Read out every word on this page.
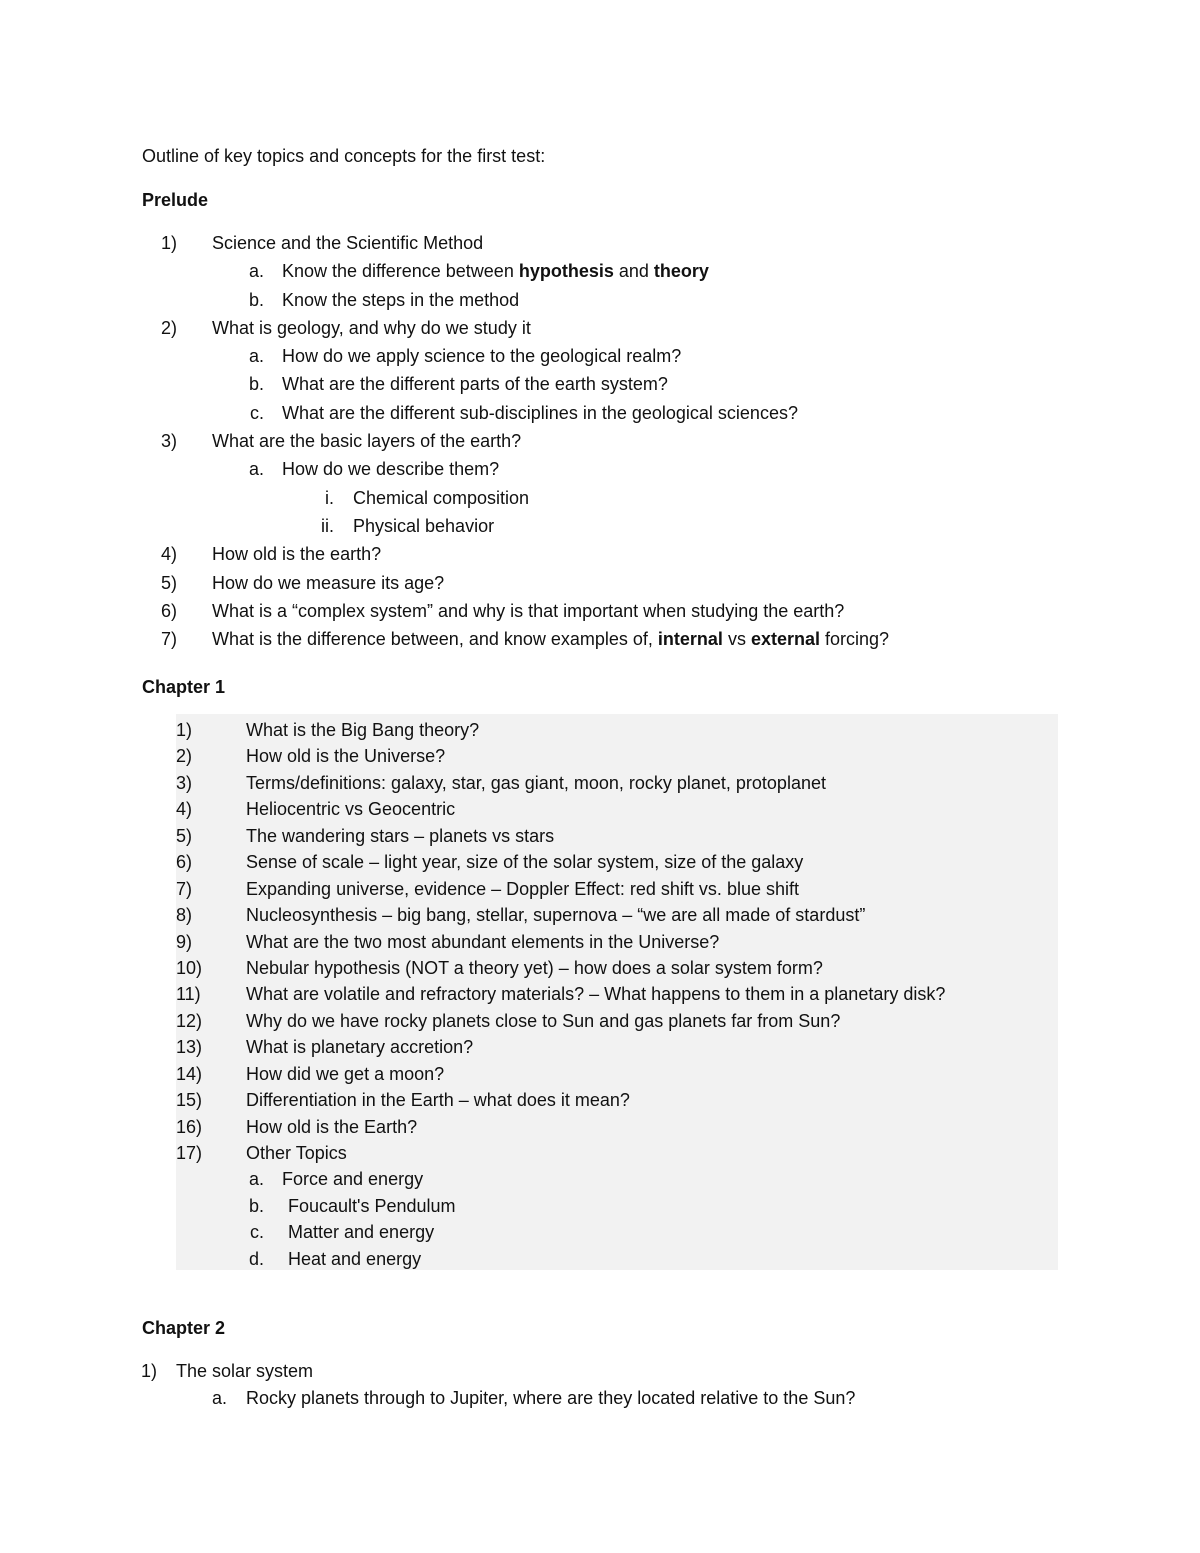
Outline of key topics and concepts for the first test:
Prelude
1) Science and the Scientific Method
a. Know the difference between hypothesis and theory
b. Know the steps in the method
2) What is geology, and why do we study it
a. How do we apply science to the geological realm?
b. What are the different parts of the earth system?
c. What are the different sub-disciplines in the geological sciences?
3) What are the basic layers of the earth?
a. How do we describe them?
i. Chemical composition
ii. Physical behavior
4) How old is the earth?
5) How do we measure its age?
6) What is a “complex system” and why is that important when studying the earth?
7) What is the difference between, and know examples of, internal vs external forcing?
Chapter 1
1)	What is the Big Bang theory?
2)	How old is the Universe?
3)	Terms/definitions: galaxy, star, gas giant, moon, rocky planet, protoplanet
4)	Heliocentric vs Geocentric
5)	The wandering stars – planets vs stars
6)	Sense of scale – light year, size of the solar system, size of the galaxy
7)	Expanding universe, evidence – Doppler Effect: red shift vs. blue shift
8)	Nucleosynthesis – big bang, stellar, supernova – “we are all made of stardust”
9)	What are the two most abundant elements in the Universe?
10)	Nebular hypothesis (NOT a theory yet) – how does a solar system form?
11)	What are volatile and refractory materials? – What happens to them in a planetary disk?
12)	Why do we have rocky planets close to Sun and gas planets far from Sun?
13)	What is planetary accretion?
14)	How did we get a moon?
15)	Differentiation in the Earth – what does it mean?
16)	How old is the Earth?
17)	Other Topics
a. Force and energy
b. Foucault's Pendulum
c. Matter and energy
d. Heat and energy
Chapter 2
1)	The solar system
a.	Rocky planets through to Jupiter, where are they located relative to the Sun?
